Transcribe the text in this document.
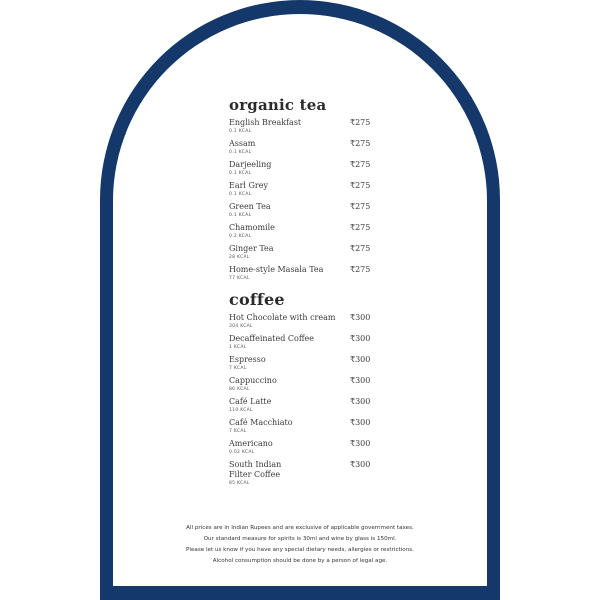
organic tea
English Breakfast	₹275
0.1 KCAL
Assam	₹275
0.1 KCAL
Darjeeling	₹275
0.1 KCAL
Earl Grey	₹275
0.1 KCAL
Green Tea	₹275
0.1 KCAL
Chamomile	₹275
0.2 KCAL
Ginger Tea	₹275
28 KCAL
Home-style Masala Tea	₹275
77 KCAL
coffee
Hot Chocolate with cream	₹300
304 KCAL
Decaffeinated Coffee	₹300
1 KCAL
Espresso	₹300
7 KCAL
Cappuccino	₹300
86 KCAL
Café Latte	₹300
110 KCAL
Café Macchiato	₹300
7 KCAL
Americano	₹300
0.02 KCAL
South Indian Filter Coffee
₹300
85 KCAL
All prices are in Indian Rupees and are exclusive of applicable government taxes.
Our standard measure for spirits is 30ml and wine by glass is 150ml.
Please let us know if you have any special dietary needs, allergies or restrictions.
Alcohol consumption should be done by a person of legal age.
